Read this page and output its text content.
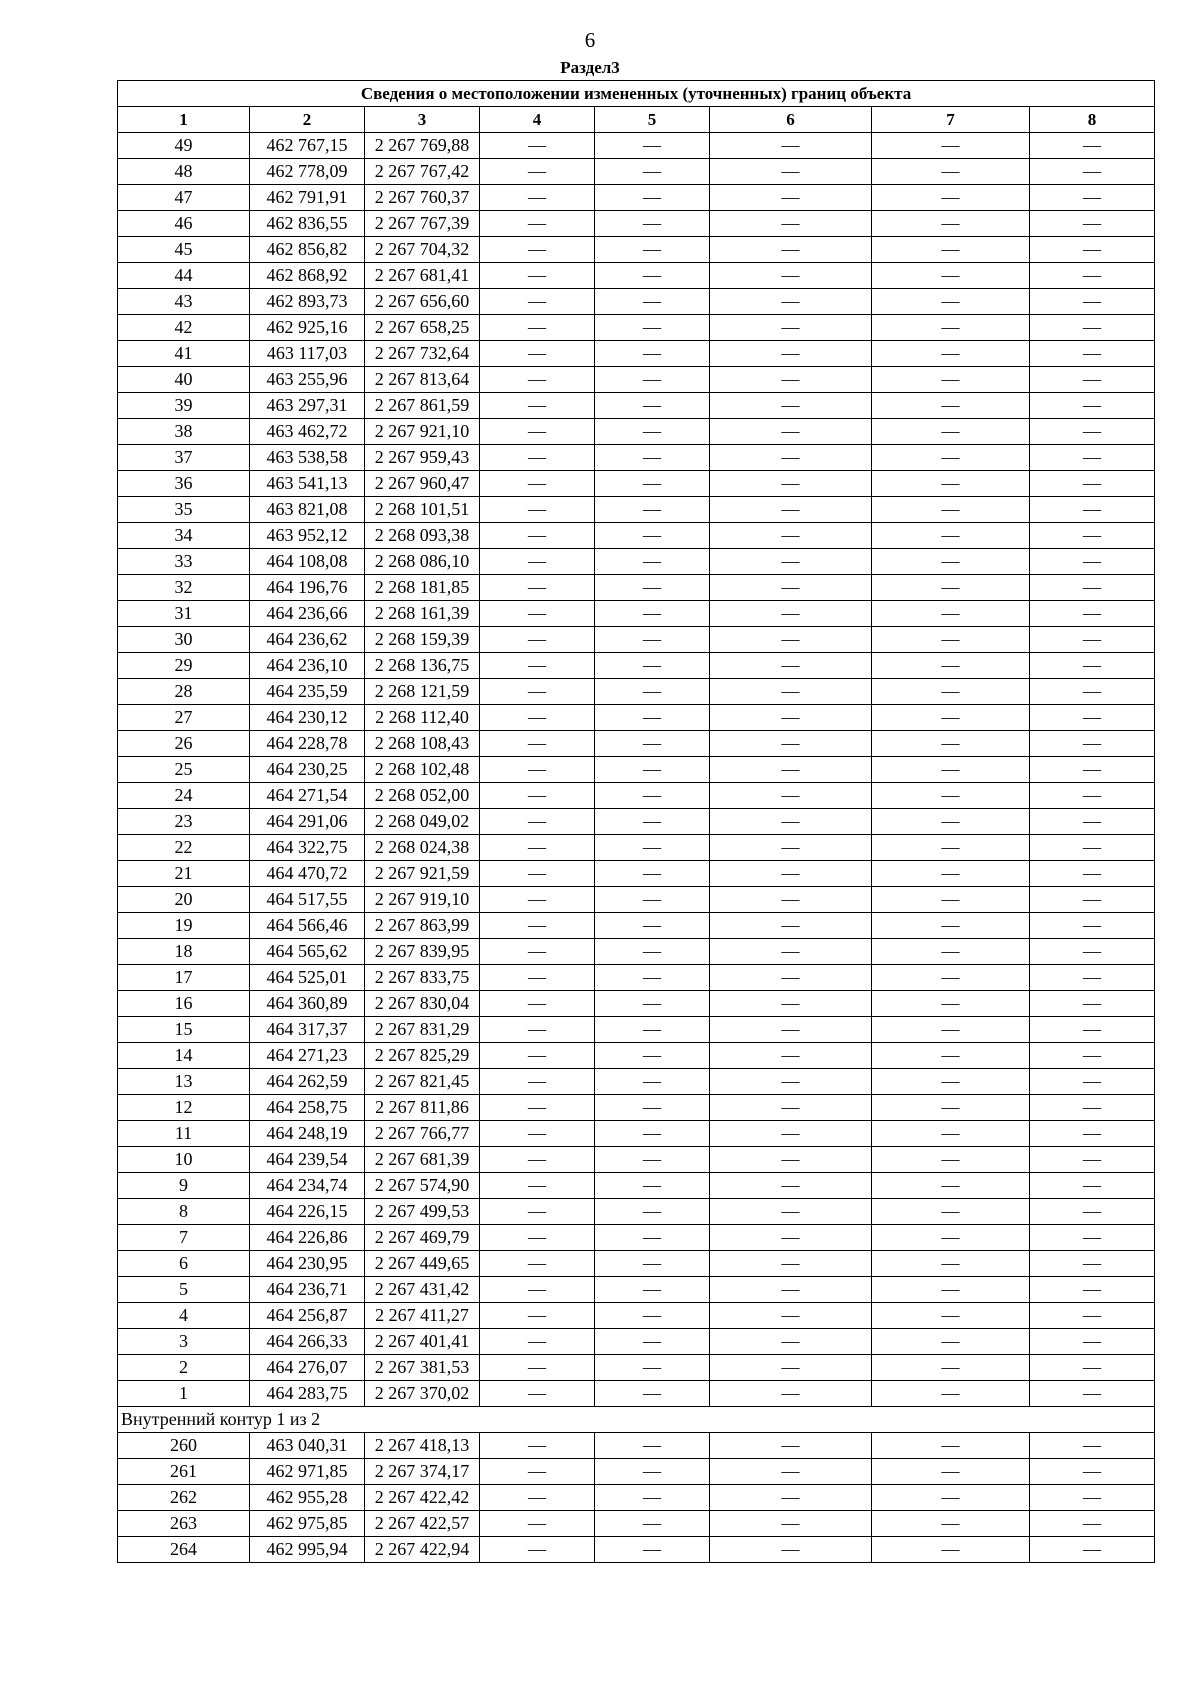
6
Раздел3
Сведения о местоположении измененных (уточненных) границ объекта							
1	2	3	4	5	6	7	8
49	462 767,15	2 267 769,88	—	—	—	—	—
48	462 778,09	2 267 767,42	—	—	—	—	—
47	462 791,91	2 267 760,37	—	—	—	—	—
46	462 836,55	2 267 767,39	—	—	—	—	—
45	462 856,82	2 267 704,32	—	—	—	—	—
44	462 868,92	2 267 681,41	—	—	—	—	—
43	462 893,73	2 267 656,60	—	—	—	—	—
42	462 925,16	2 267 658,25	—	—	—	—	—
41	463 117,03	2 267 732,64	—	—	—	—	—
40	463 255,96	2 267 813,64	—	—	—	—	—
39	463 297,31	2 267 861,59	—	—	—	—	—
38	463 462,72	2 267 921,10	—	—	—	—	—
37	463 538,58	2 267 959,43	—	—	—	—	—
36	463 541,13	2 267 960,47	—	—	—	—	—
35	463 821,08	2 268 101,51	—	—	—	—	—
34	463 952,12	2 268 093,38	—	—	—	—	—
33	464 108,08	2 268 086,10	—	—	—	—	—
32	464 196,76	2 268 181,85	—	—	—	—	—
31	464 236,66	2 268 161,39	—	—	—	—	—
30	464 236,62	2 268 159,39	—	—	—	—	—
29	464 236,10	2 268 136,75	—	—	—	—	—
28	464 235,59	2 268 121,59	—	—	—	—	—
27	464 230,12	2 268 112,40	—	—	—	—	—
26	464 228,78	2 268 108,43	—	—	—	—	—
25	464 230,25	2 268 102,48	—	—	—	—	—
24	464 271,54	2 268 052,00	—	—	—	—	—
23	464 291,06	2 268 049,02	—	—	—	—	—
22	464 322,75	2 268 024,38	—	—	—	—	—
21	464 470,72	2 267 921,59	—	—	—	—	—
20	464 517,55	2 267 919,10	—	—	—	—	—
19	464 566,46	2 267 863,99	—	—	—	—	—
18	464 565,62	2 267 839,95	—	—	—	—	—
17	464 525,01	2 267 833,75	—	—	—	—	—
16	464 360,89	2 267 830,04	—	—	—	—	—
15	464 317,37	2 267 831,29	—	—	—	—	—
14	464 271,23	2 267 825,29	—	—	—	—	—
13	464 262,59	2 267 821,45	—	—	—	—	—
12	464 258,75	2 267 811,86	—	—	—	—	—
11	464 248,19	2 267 766,77	—	—	—	—	—
10	464 239,54	2 267 681,39	—	—	—	—	—
9	464 234,74	2 267 574,90	—	—	—	—	—
8	464 226,15	2 267 499,53	—	—	—	—	—
7	464 226,86	2 267 469,79	—	—	—	—	—
6	464 230,95	2 267 449,65	—	—	—	—	—
5	464 236,71	2 267 431,42	—	—	—	—	—
4	464 256,87	2 267 411,27	—	—	—	—	—
3	464 266,33	2 267 401,41	—	—	—	—	—
2	464 276,07	2 267 381,53	—	—	—	—	—
1	464 283,75	2 267 370,02	—	—	—	—	—
Внутренний контур 1 из 2							
260	463 040,31	2 267 418,13	—	—	—	—	—
261	462 971,85	2 267 374,17	—	—	—	—	—
262	462 955,28	2 267 422,42	—	—	—	—	—
263	462 975,85	2 267 422,57	—	—	—	—	—
264	462 995,94	2 267 422,94	—	—	—	—	—
